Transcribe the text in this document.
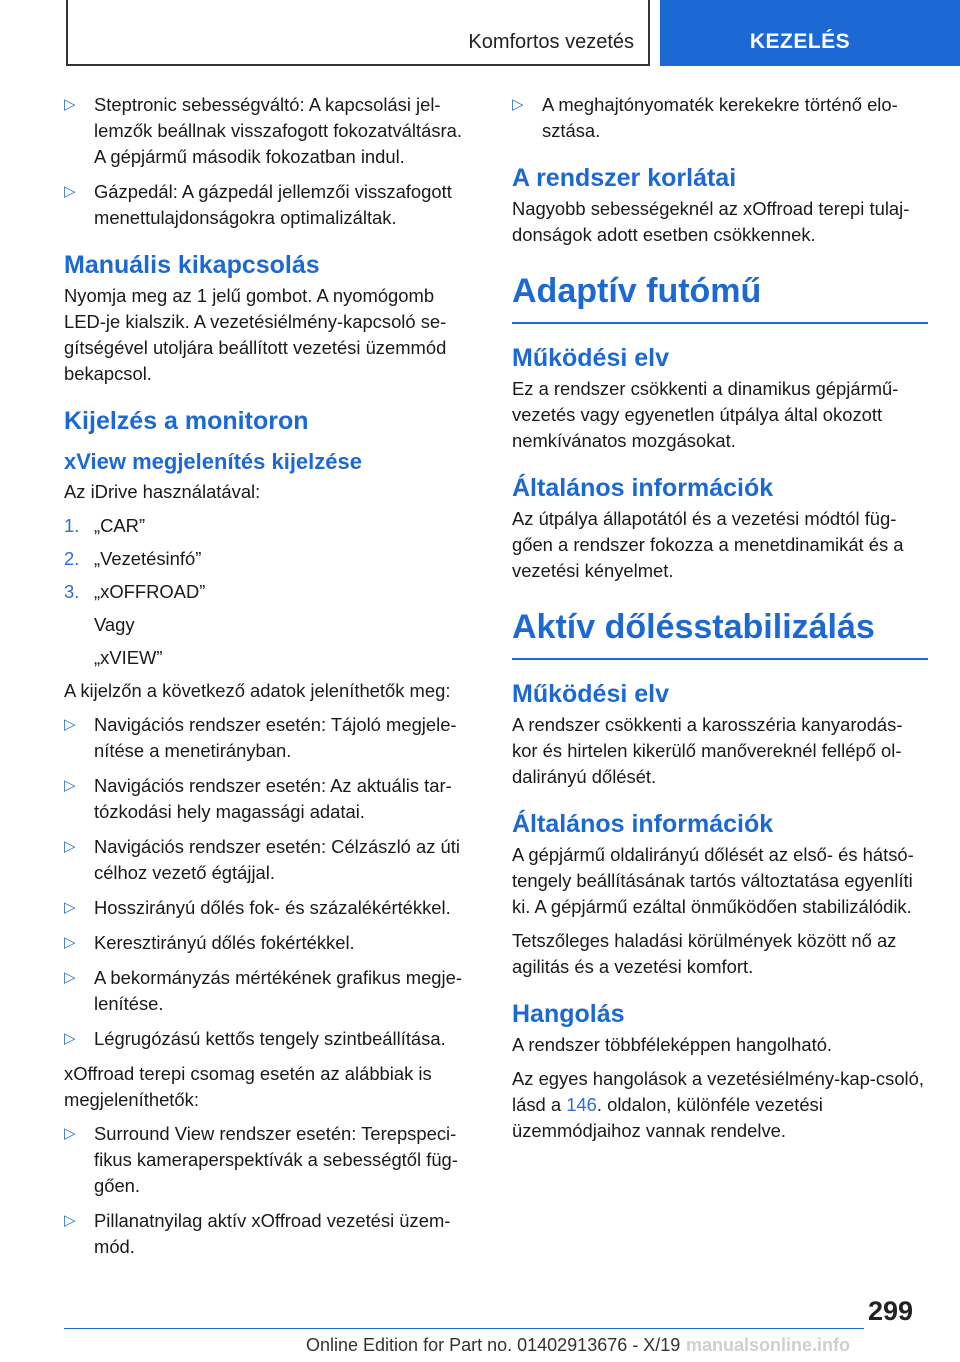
Komfortos vezetés	KEZELÉS
▷ Steptronic sebességváltó: A kapcsolási jel-lemzők beállnak visszafogott fokozatváltásra. A gépjármű második fokozatban indul.
▷ Gázpedál: A gázpedál jellemzői visszafogott menettulajdonságokra optimalizáltak.
Manuális kikapcsolás

Nyomja meg az 1 jelű gombot. A nyomógomb LED-je kialszik. A vezetésiélmény-kapcsoló se-gítségével utoljára beállított vezetési üzemmód bekapcsol.

Kijelzés a monitoron
xView megjelenítés kijelzése

Az iDrive használatával:

1. „CAR”
2. „Vezetésinfó”
3. „xOFFROAD”
Vagy
„xVIEW”

A kijelzőn a következő adatok jeleníthetők meg:

▷ Navigációs rendszer esetén: Tájoló megjele-nítése a menetirányban.
▷ Navigációs rendszer esetén: Az aktuális tar-tózkodási hely magassági adatai.
▷ Navigációs rendszer esetén: Célzászló az úti célhoz vezető égtájjal.
▷ Hosszirányú dőlés fok- és százalékértékkel.
▷ Keresztirányú dőlés fokértékkel.
▷ A bekormányzás mértékének grafikus megje-lenítése.
▷ Légrugózású kettős tengely szintbeállítása.

xOffroad terepi csomag esetén az alábbiak is megjeleníthetők:

▷ Surround View rendszer esetén: Terepspeci-fikus kameraperspektívák a sebességtől füg-gően.
▷ Pillanatnyilag aktív xOffroad vezetési üzem-mód.
▷ A meghajtónyomaték kerekekre történő elo-sztása.
A rendszer korlátai

Nagyobb sebességeknél az xOffroad terepi tulaj-donságok adott esetben csökkennek.

Adaptív futómű
Működési elv

Ez a rendszer csökkenti a dinamikus gépjármű-vezetés vagy egyenetlen útpálya által okozott nemkívánatos mozgásokat.

Általános információk

Az útpálya állapotától és a vezetési módtól füg-gően a rendszer fokozza a menetdinamikát és a vezetési kényelmet.

Aktív dőlésstabilizálás
Működési elv

A rendszer csökkenti a karosszéria kanyarodás-kor és hirtelen kikerülő manővereknél fellépő ol-dalirányú dőlését.

Általános információk

A gépjármű oldalirányú dőlését az első- és hátsó-tengely beállításának tartós változtatása egyenlíti ki. A gépjármű ezáltal önműködően stabilizálódik.

Tetszőleges haladási körülmények között nő az agilitás és a vezetési komfort.

Hangolás

A rendszer többféleképpen hangolható.

Az egyes hangolások a vezetésiélmény-kap-csoló, lásd a 146. oldalon, különféle vezetési üzemmódjaihoz vannak rendelve.

299
Online Edition for Part no. 01402913676 - X/19 manualsonline.info
